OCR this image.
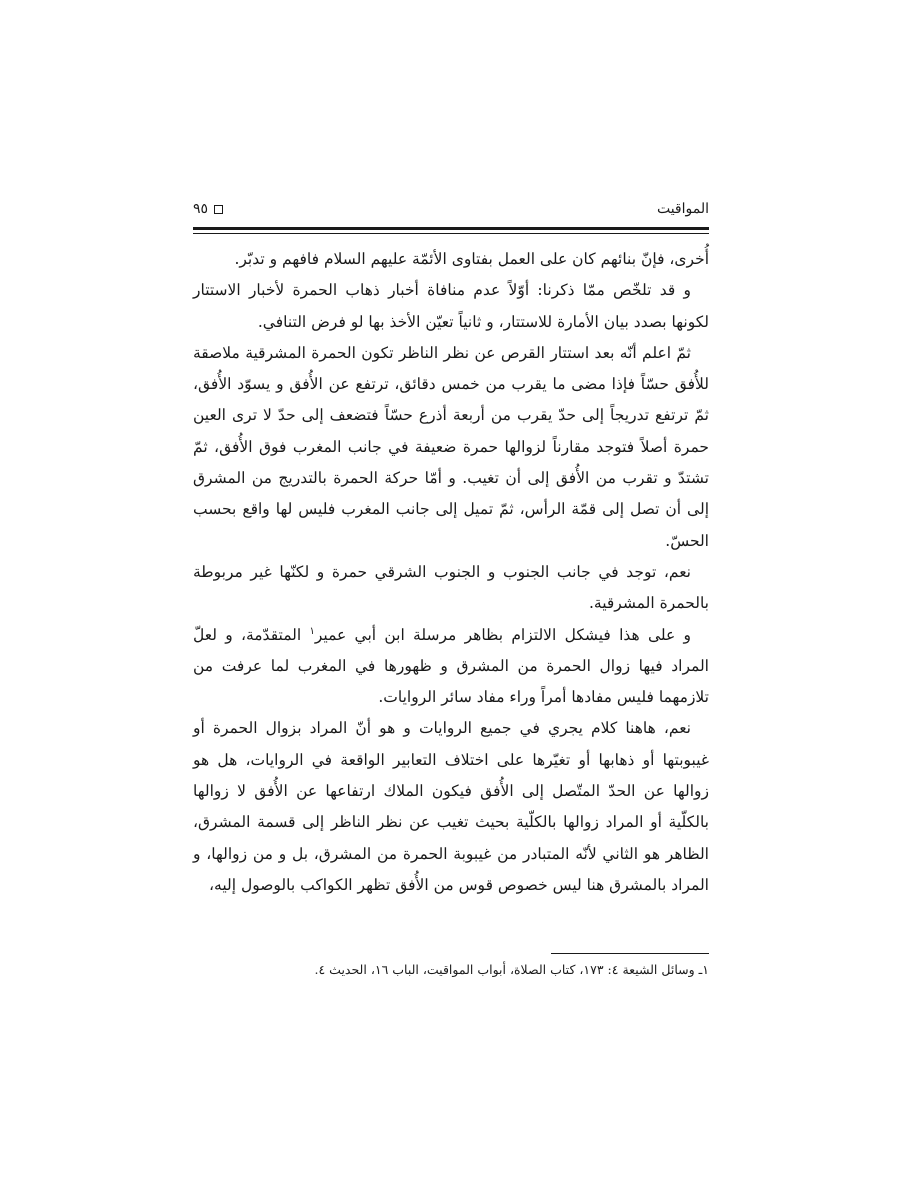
المواقيت
٩٥

أُخرى، فإنّ بنائهم كان على العمل بفتاوى الأئمّة عليهم السلام فافهم و تدبّر.

و قد تلخّص ممّا ذكرنا: أوّلاً عدم منافاة أخبار ذهاب الحمرة لأخبار الاستتار لكونها بصدد بيان الأمارة للاستتار، و ثانياً تعيّن الأخذ بها لو فرض التنافي.

ثمّ اعلم أنّه بعد استتار القرص عن نظر الناظر تكون الحمرة المشرقية ملاصقة للأُفق حسّاً فإذا مضى ما يقرب من خمس دقائق، ترتفع عن الأُفق و يسوّد الأُفق، ثمّ ترتفع تدريجاً إلى حدّ يقرب من أربعة أذرع حسّاً فتضعف إلى حدّ لا ترى العين حمرة أصلاً فتوجد مقارناً لزوالها حمرة ضعيفة في جانب المغرب فوق الأُفق، ثمّ تشتدّ و تقرب من الأُفق إلى أن تغيب. و أمّا حركة الحمرة بالتدريج من المشرق إلى أن تصل إلى قمّة الرأس، ثمّ تميل إلى جانب المغرب فليس لها واقع بحسب الحسّ.

نعم، توجد في جانب الجنوب و الجنوب الشرقي حمرة و لكنّها غير مربوطة بالحمرة المشرقية.

و على هذا فيشكل الالتزام بظاهر مرسلة ابن أبي عمير$^١$ المتقدّمة، و لعلّ المراد فيها زوال الحمرة من المشرق و ظهورها في المغرب لما عرفت من تلازمهما فليس مفادها أمراً وراء مفاد سائر الروايات.

نعم، هاهنا كلام يجري في جميع الروايات و هو أنّ المراد بزوال الحمرة أو غيبوبتها أو ذهابها أو تغيّرها على اختلاف التعابير الواقعة في الروايات، هل هو زوالها عن الحدّ المتّصل إلى الأُفق فيكون الملاك ارتفاعها عن الأُفق لا زوالها بالكلّية أو المراد زوالها بالكلّية بحيث تغيب عن نظر الناظر إلى قسمة المشرق، الظاهر هو الثاني لأنّه المتبادر من غيبوبة الحمرة من المشرق، بل و من زوالها، و المراد بالمشرق هنا ليس خصوص قوس من الأُفق تظهر الكواكب بالوصول إليه،

١ـ وسائل الشيعة ٤: ١٧٣، كتاب الصلاة، أبواب المواقيت، الباب ١٦، الحديث ٤.
